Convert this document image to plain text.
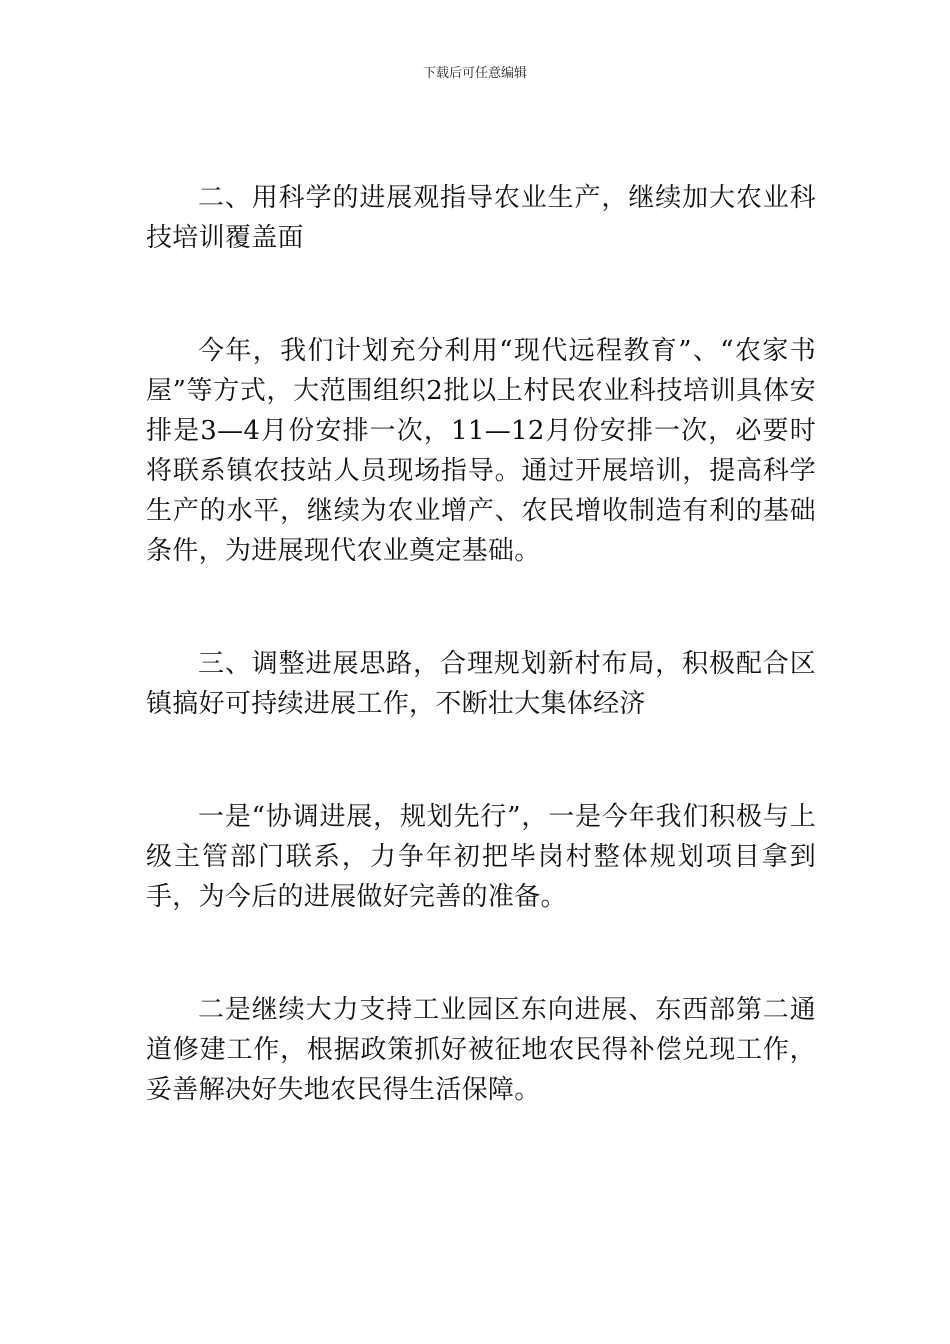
下载后可任意编辑

二、用科学的进展观指导农业生产，继续加大农业科技培训覆盖面

今年，我们计划充分利用“现代远程教育”、“农家书屋”等方式，大范围组织2批以上村民农业科技培训具体安排是3—4月份安排一次，11—12月份安排一次，必要时将联系镇农技站人员现场指导。通过开展培训，提高科学生产的水平，继续为农业增产、农民增收制造有利的基础条件，为进展现代农业奠定基础。

三、调整进展思路，合理规划新村布局，积极配合区镇搞好可持续进展工作，不断壮大集体经济

一是“协调进展，规划先行”，一是今年我们积极与上级主管部门联系，力争年初把毕岗村整体规划项目拿到手，为今后的进展做好完善的准备。

二是继续大力支持工业园区东向进展、东西部第二通道修建工作，根据政策抓好被征地农民得补偿兑现工作，妥善解决好失地农民得生活保障。
